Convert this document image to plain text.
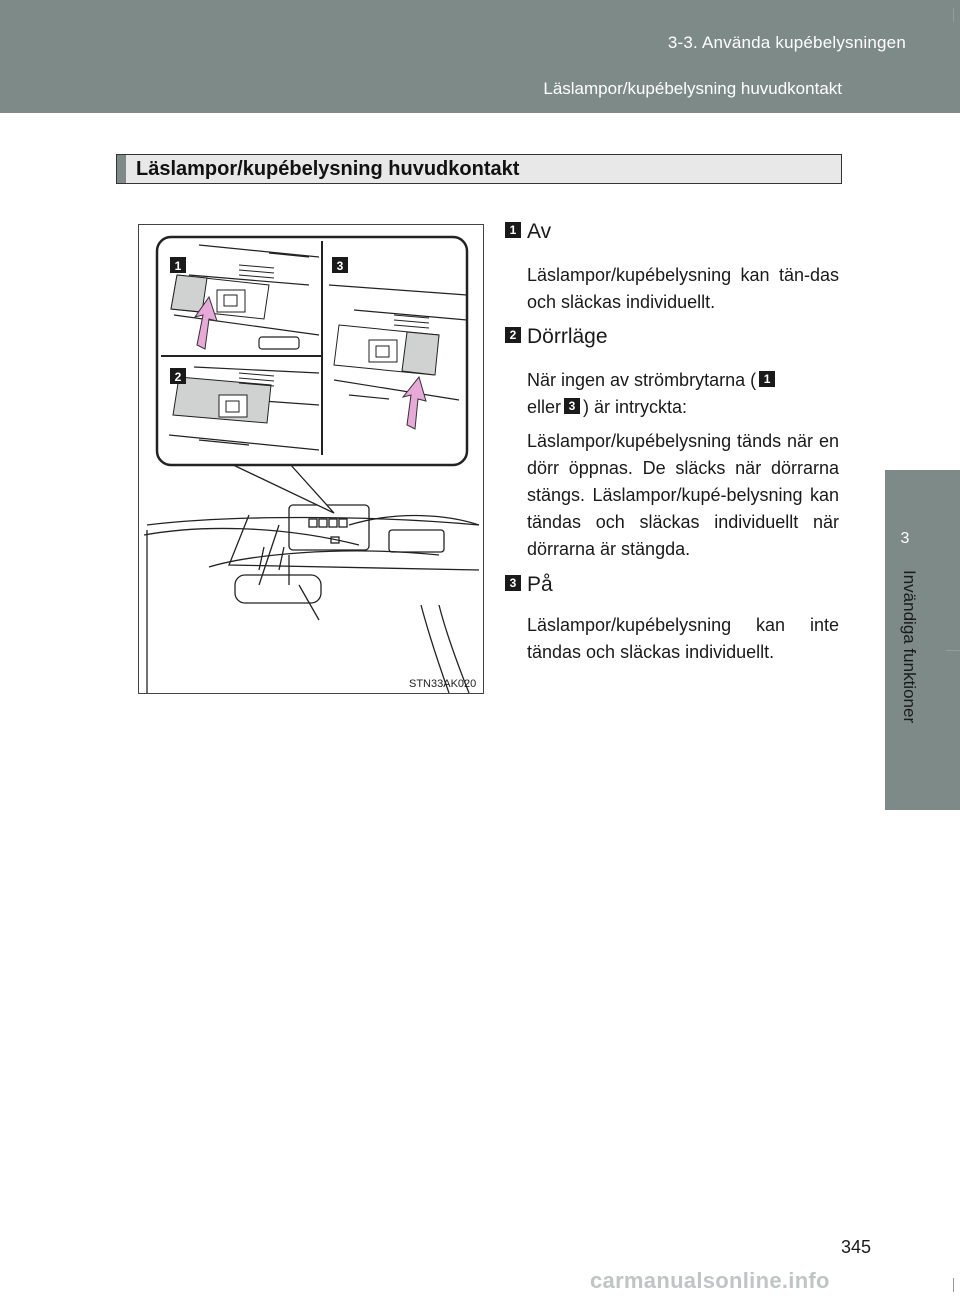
3-3. Använda kupébelysningen
Läslampor/kupébelysning huvudkontakt
3
Invändiga funktioner
Läslampor/kupébelysning huvudkontakt
1
2
3
STN33AK020
1 Av

Läslampor/kupébelysning kan tän-das och släckas individuellt.

2 Dörrläge

När ingen av strömbrytarna ( 1
eller 3 ) är intryckta:

Läslampor/kupébelysning tänds när en dörr öppnas. De släcks när dörrarna stängs. Läslampor/kupé-belysning kan tändas och släckas individuellt när dörrarna är stängda.

3 På

Läslampor/kupébelysning kan inte tändas och släckas individuellt.

345
carmanualsonline.info
